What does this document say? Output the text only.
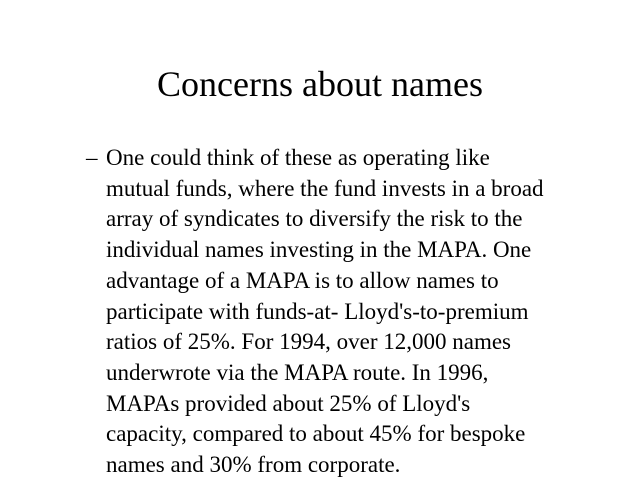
Concerns about names
– One could think of these as operating like
mutual funds, where the fund invests in a broad
array of syndicates to diversify the risk to the
individual names investing in the MAPA. One
advantage of a MAPA is to allow names to
participate with funds-at- Lloyd's-to-premium
ratios of 25%. For 1994, over 12,000 names
underwrote via the MAPA route. In 1996,
MAPAs provided about 25% of Lloyd's
capacity, compared to about 45% for bespoke
names and 30% from corporate.
